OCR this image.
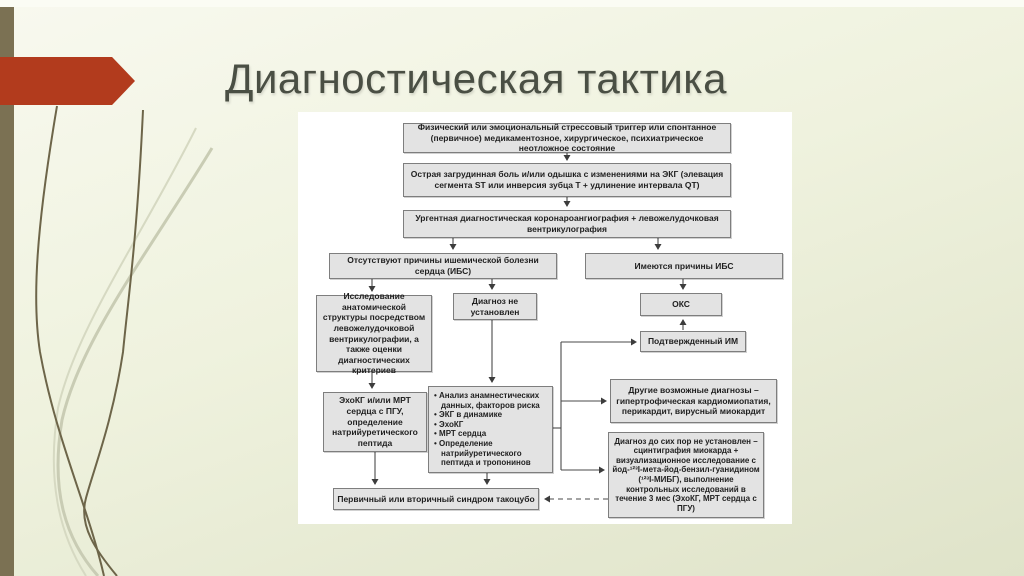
Диагностическая тактика
Физический или эмоциональный стрессовый триггер или спонтанное (первичное) медикаментозное, хирургическое, психиатрическое неотложное состояние
Острая загрудинная боль и/или одышка с изменениями на ЭКГ (элевация сегмента ST или инверсия зубца T + удлинение интервала QT)
Ургентная диагностическая коронароангиография + левожелудочковая вентрикулография
Отсутствуют причины ишемической болезни сердца (ИБС)
Имеются причины ИБС
Исследование анатомической структуры посредством левожелудочковой вентрикулографии, а также оценки диагностических критериев
Диагноз не установлен
ОКС
Подтвержденный ИМ
Другие возможные диагнозы – гипертрофическая кардиомиопатия, перикардит, вирусный миокардит
• Анализ анамнестических данных, факторов риска
• ЭКГ в динамике
• ЭхоКГ
• МРТ сердца
• Определение натрийуретического пептида и тропонинов
ЭхоКГ и/или МРТ сердца с ПГУ, определение натрийуретического пептида
Первичный или вторичный синдром такоцубо
Диагноз до сих пор не установлен – сцинтиграфия миокарда + визуализационное исследование с йод-¹²³I-мета-йод-бензил-гуанидином (¹²³I-МИБГ), выполнение контрольных исследований в течение 3 мес (ЭхоКГ, МРТ сердца с ПГУ)
